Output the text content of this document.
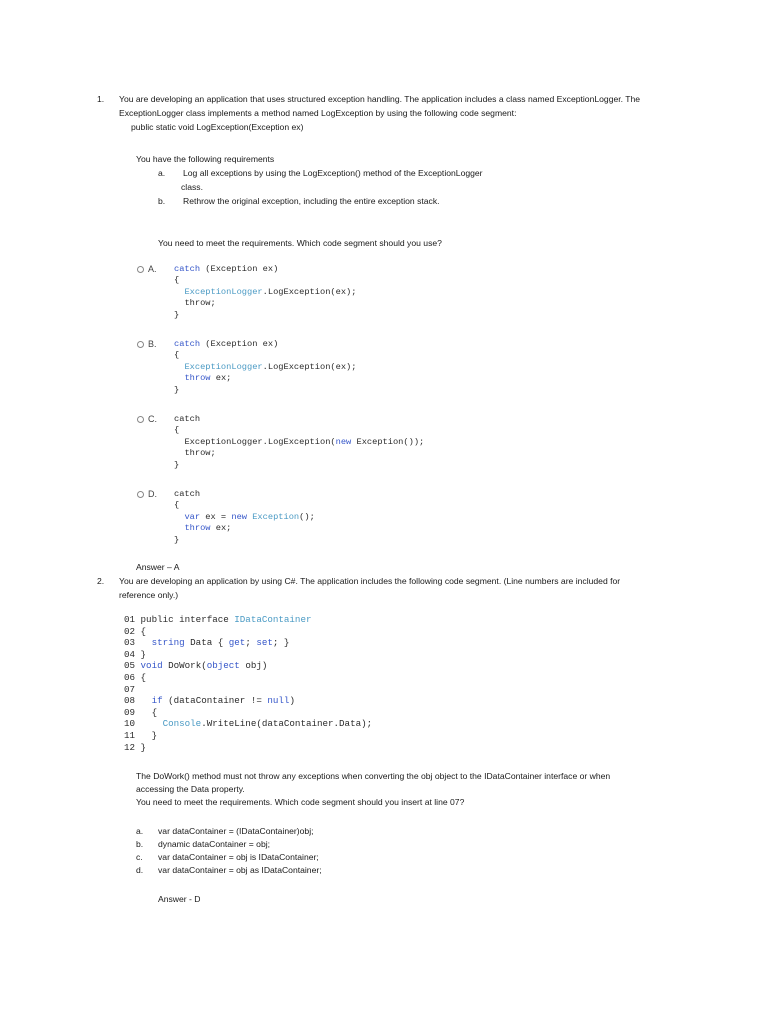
1. You are developing an application that uses structured exception handling. The application includes a class named ExceptionLogger. The
ExceptionLogger class implements a method named LogException by using the following code segment:
public static void LogException(Exception ex)
You have the following requirements
a. Log all exceptions by using the LogException() method of the ExceptionLogger
class.
b. Rethrow the original exception, including the entire exception stack.
You need to meet the requirements. Which code segment should you use?
A. catch (Exception ex)
{
ExceptionLogger.LogException(ex);
throw;
}
B. catch (Exception ex)
{
ExceptionLogger.LogException(ex);
throw ex;
}
C. catch
{
ExceptionLogger.LogException(new Exception());
throw;
}
D. catch
{
var ex = new Exception();
throw ex;
}
Answer – A
2. You are developing an application by using C#. The application includes the following code segment. (Line numbers are included for
reference only.)
01 public interface IDataContainer
02 {
03   string Data { get; set; }
04 }
05 void DoWork(object obj)
06 {
07
08   if (dataContainer != null)
09   {
10     Console.WriteLine(dataContainer.Data);
11   }
12 }
The DoWork() method must not throw any exceptions when converting the obj object to the IDataContainer interface or when
accessing the Data property.
You need to meet the requirements. Which code segment should you insert at line 07?
a. var dataContainer = (IDataContainer)obj;
b. dynamic dataContainer = obj;
c. var dataContainer = obj is IDataContainer;
d. var dataContainer = obj as IDataContainer;
Answer - D
